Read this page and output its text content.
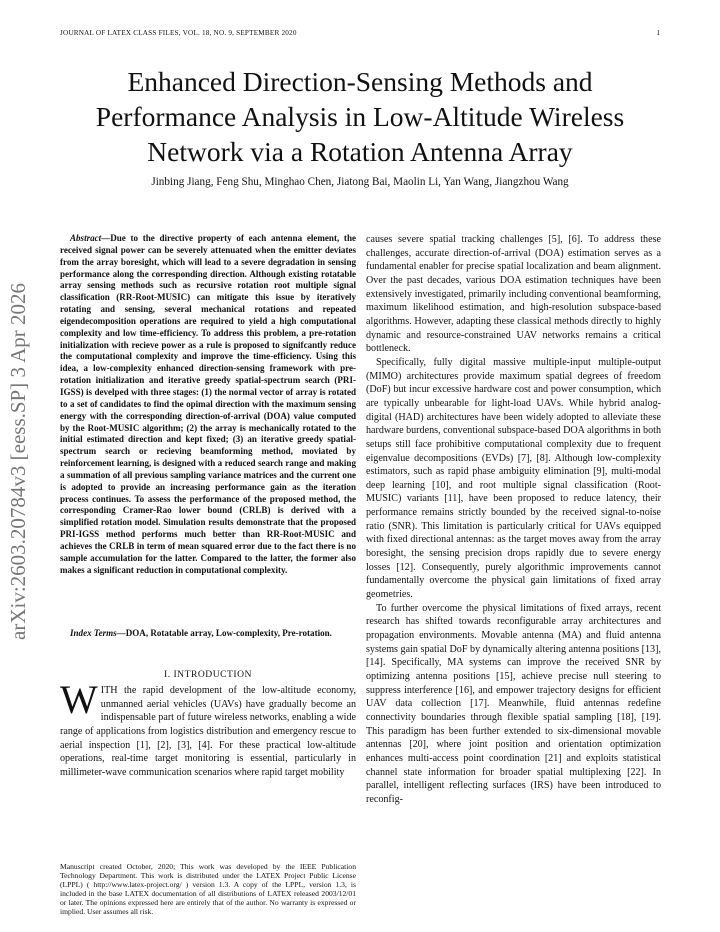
JOURNAL OF LATEX CLASS FILES, VOL. 18, NO. 9, SEPTEMBER 2020	1
arXiv:2603.20784v3 [eess.SP] 3 Apr 2026
Enhanced Direction-Sensing Methods and Performance Analysis in Low-Altitude Wireless Network via a Rotation Antenna Array
Jinbing Jiang, Feng Shu, Minghao Chen, Jiatong Bai, Maolin Li, Yan Wang, Jiangzhou Wang

Abstract—Due to the directive property of each antenna element, the received signal power can be severely attenuated when the emitter deviates from the array boresight, which will lead to a severe degradation in sensing performance along the corresponding direction. Although existing rotatable array sensing methods such as recursive rotation root multiple signal classification (RR-Root-MUSIC) can mitigate this issue by iteratively rotating and sensing, several mechanical rotations and repeated eigendecomposition operations are required to yield a high computational complexity and low time-efficiency. To address this problem, a pre-rotation initialization with recieve power as a rule is proposed to signifcantly reduce the computational complexity and improve the time-efficiency. Using this idea, a low-complexity enhanced direction-sensing framework with pre-rotation initialization and iterative greedy spatial-spectrum search (PRI-IGSS) is develped with three stages: (1) the normal vector of array is rotated to a set of candidates to find the opimal direction with the maximum sensing energy with the corresponding direction-of-arrival (DOA) value computed by the Root-MUSIC algorithm; (2) the array is mechanically rotated to the initial estimated direction and kept fixed; (3) an iterative greedy spatial-spectrum search or recieving beamforming method, moviated by reinforcement learning, is designed with a reduced search range and making a summation of all previous sampling variance matrices and the current one is adopted to provide an increasing performance gain as the iteration process continues. To assess the performance of the proposed method, the corresponding Cramer-Rao lower bound (CRLB) is derived with a simplified rotation model. Simulation results demonstrate that the proposed PRI-IGSS method performs much better than RR-Root-MUSIC and achieves the CRLB in term of mean squared error due to the fact there is no sample accumulation for the latter. Compared to the latter, the former also makes a significant reduction in computational complexity.

Index Terms—DOA, Rotatable array, Low-complexity, Pre-rotation.

I. INTRODUCTION

WITH the rapid development of the low-altitude economy, unmanned aerial vehicles (UAVs) have gradually become an indispensable part of future wireless networks, enabling a wide range of applications from logistics distribution and emergency rescue to aerial inspection [1], [2], [3], [4]. For these practical low-altitude operations, real-time target monitoring is essential, particularly in millimeter-wave communication scenarios where rapid target mobility

Manuscript created October, 2020; This work was developed by the IEEE Publication Technology Department. This work is distributed under the LATEX Project Public License (LPPL) ( http://www.latex-project.org/ ) version 1.3. A copy of the LPPL, version 1.3, is included in the base LATEX documentation of all distributions of LATEX released 2003/12/01 or later. The opinions expressed here are entirely that of the author. No warranty is expressed or implied. User assumes all risk.

causes severe spatial tracking challenges [5], [6]. To address these challenges, accurate direction-of-arrival (DOA) estimation serves as a fundamental enabler for precise spatial localization and beam alignment. Over the past decades, various DOA estimation techniques have been extensively investigated, primarily including conventional beamforming, maximum likelihood estimation, and high-resolution subspace-based algorithms. However, adapting these classical methods directly to highly dynamic and resource-constrained UAV networks remains a critical bottleneck.

Specifically, fully digital massive multiple-input multiple-output (MIMO) architectures provide maximum spatial degrees of freedom (DoF) but incur excessive hardware cost and power consumption, which are typically unbearable for light-load UAVs. While hybrid analog-digital (HAD) architectures have been widely adopted to alleviate these hardware burdens, conventional subspace-based DOA algorithms in both setups still face prohibitive computational complexity due to frequent eigenvalue decompositions (EVDs) [7], [8]. Although low-complexity estimators, such as rapid phase ambiguity elimination [9], multi-modal deep learning [10], and root multiple signal classification (Root-MUSIC) variants [11], have been proposed to reduce latency, their performance remains strictly bounded by the received signal-to-noise ratio (SNR). This limitation is particularly critical for UAVs equipped with fixed directional antennas: as the target moves away from the array boresight, the sensing precision drops rapidly due to severe energy losses [12]. Consequently, purely algorithmic improvements cannot fundamentally overcome the physical gain limitations of fixed array geometries.

To further overcome the physical limitations of fixed arrays, recent research has shifted towards reconfigurable array architectures and propagation environments. Movable antenna (MA) and fluid antenna systems gain spatial DoF by dynamically altering antenna positions [13], [14]. Specifically, MA systems can improve the received SNR by optimizing antenna positions [15], achieve precise null steering to suppress interference [16], and empower trajectory designs for efficient UAV data collection [17]. Meanwhile, fluid antennas redefine connectivity boundaries through flexible spatial sampling [18], [19]. This paradigm has been further extended to six-dimensional movable antennas [20], where joint position and orientation optimization enhances multi-access point coordination [21] and exploits statistical channel state information for broader spatial multiplexing [22]. In parallel, intelligent reflecting surfaces (IRS) have been introduced to reconfig-
